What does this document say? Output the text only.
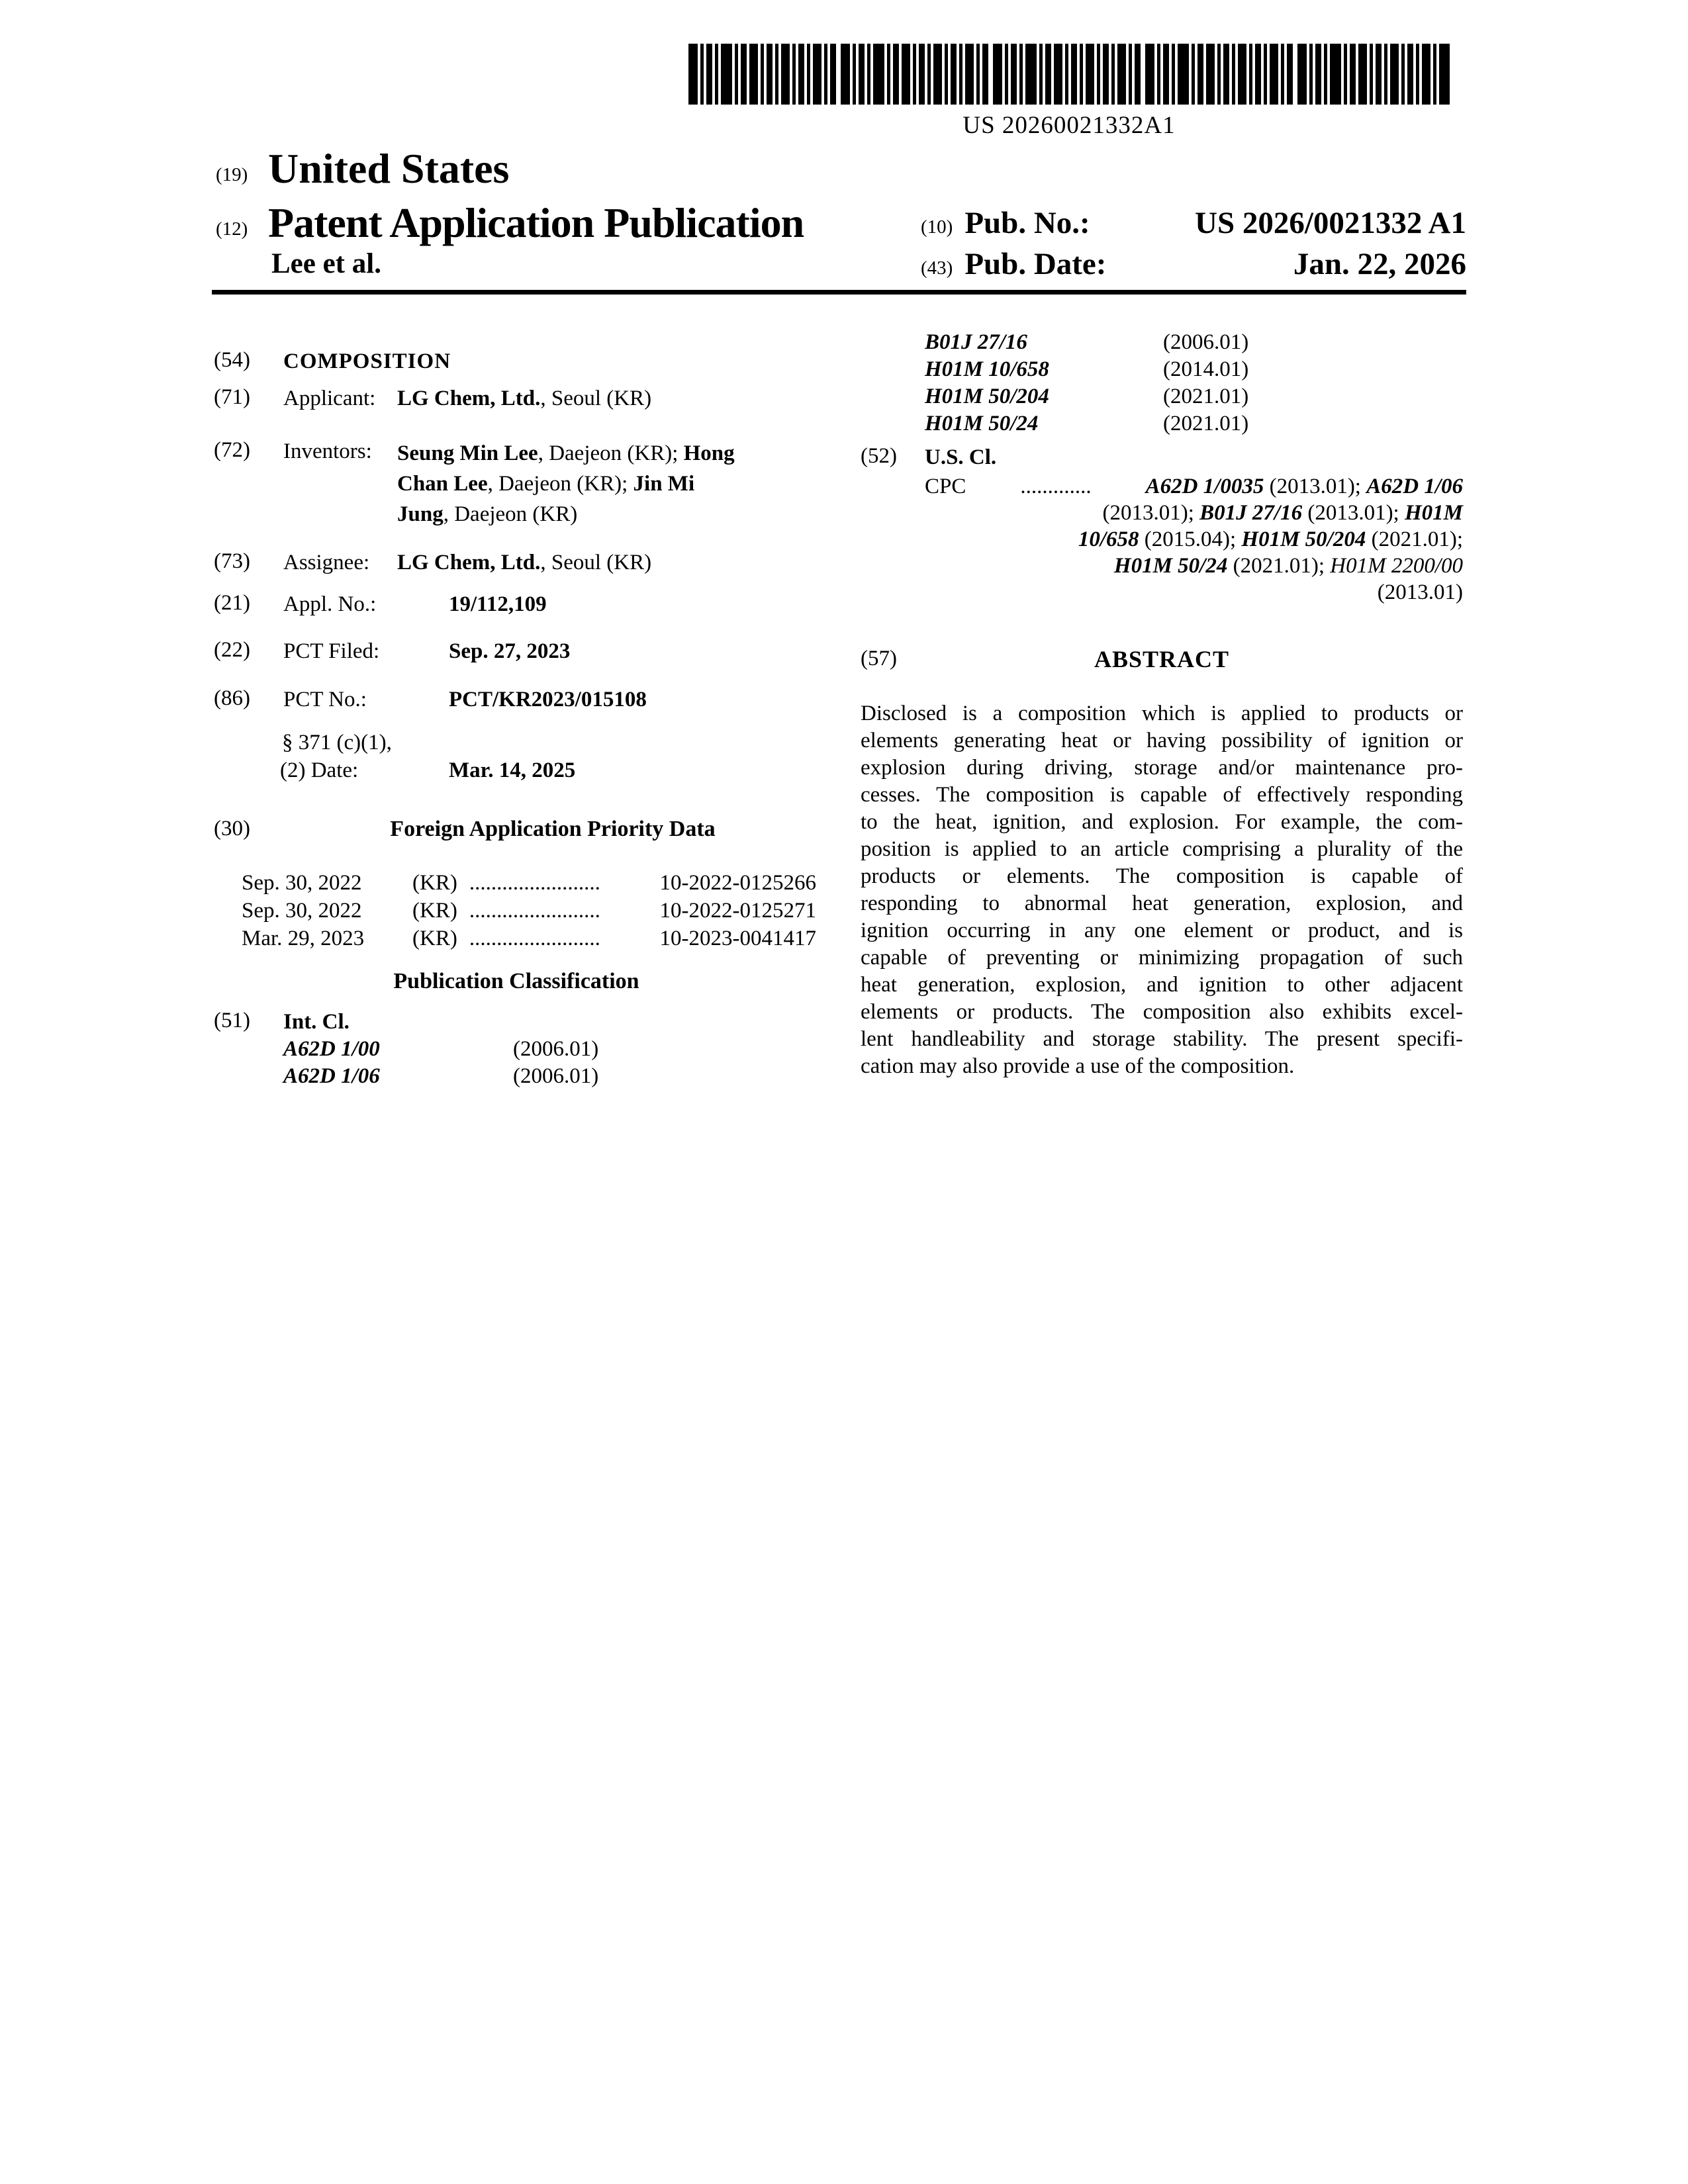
US 20260021332A1
(19) United States
(12) Patent Application Publication
Lee et al.
(10) Pub. No.:	US 2026/0021332 A1
(43) Pub. Date:	Jan. 22, 2026
(54) COMPOSITION
(71) Applicant: LG Chem, Ltd., Seoul (KR)
(72) Inventors: Seung Min Lee, Daejeon (KR); Hong
Chan Lee, Daejeon (KR); Jin Mi
Jung, Daejeon (KR)
(73) Assignee: LG Chem, Ltd., Seoul (KR)
(21) Appl. No.:	19/112,109
(22) PCT Filed:	Sep. 27, 2023
(86) PCT No.:	PCT/KR2023/015108
§ 371 (c)(1),
(2) Date:	Mar. 14, 2025
(30)	Foreign Application Priority Data
Sep. 30, 2022	(KR) ........................	10-2022-0125266
Sep. 30, 2022	(KR) ........................	10-2022-0125271
Mar. 29, 2023	(KR) ........................	10-2023-0041417
Publication Classification
(51) Int. Cl.
A62D 1/00	(2006.01)
A62D 1/06	(2006.01)
B01J 27/16	(2006.01)
H01M 10/658	(2014.01)
H01M 50/204	(2021.01)
H01M 50/24	(2021.01)
(52) U.S. Cl.
CPC ............. A62D 1/0035 (2013.01); A62D 1/06
(2013.01); B01J 27/16 (2013.01); H01M
10/658 (2015.04); H01M 50/204 (2021.01);
H01M 50/24 (2021.01); H01M 2200/00
(2013.01)
(57)	ABSTRACT
Disclosed is a composition which is applied to products or
elements generating heat or having possibility of ignition or
explosion during driving, storage and/or maintenance pro-
cesses. The composition is capable of effectively responding
to the heat, ignition, and explosion. For example, the com-
position is applied to an article comprising a plurality of the
products or elements. The composition is capable of
responding to abnormal heat generation, explosion, and
ignition occurring in any one element or product, and is
capable of preventing or minimizing propagation of such
heat generation, explosion, and ignition to other adjacent
elements or products. The composition also exhibits excel-
lent handleability and storage stability. The present specifi-
cation may also provide a use of the composition.
